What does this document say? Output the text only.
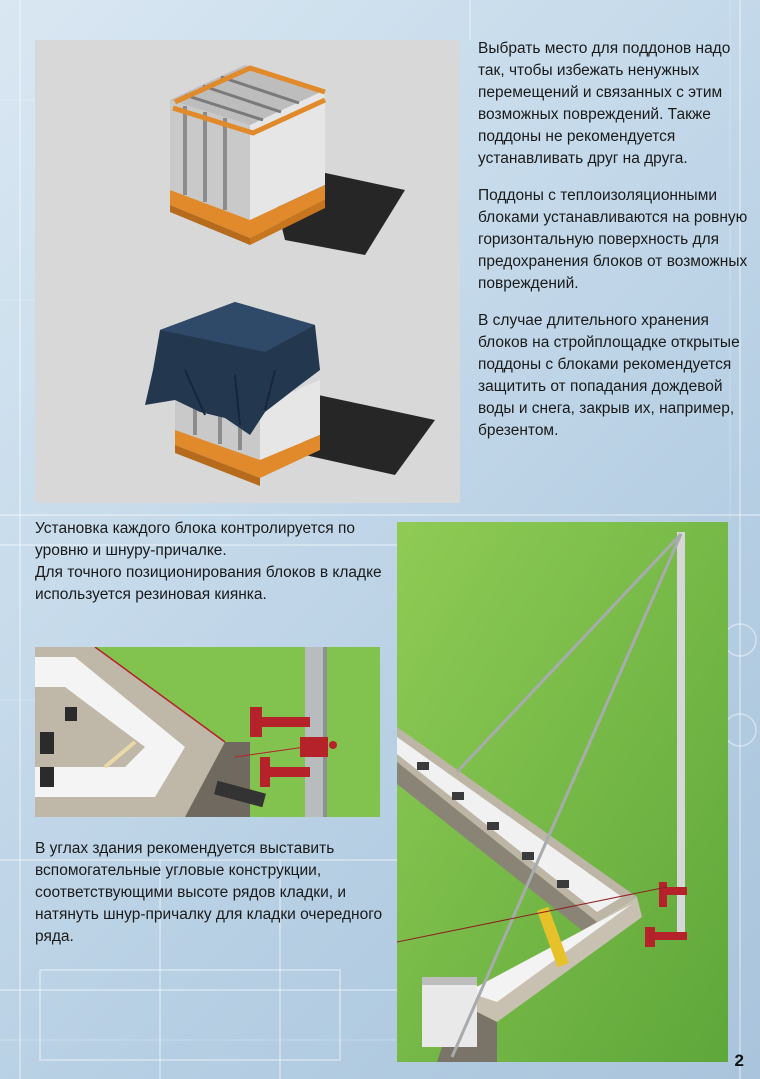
Выбрать место для поддонов надо так, чтобы избежать ненужных перемещений и связанных с этим возможных повреждений. Также поддоны не рекомендуется устанавливать друг на друга.

Поддоны с теплоизоляционными блоками устанавливаются на ровную горизонтальную поверхность для предохранения блоков от возможных повреждений.

В случае длительного хранения блоков на стройплощадке открытые поддоны с блоками рекомендуется защитить от попадания дождевой воды и снега, закрыв их, например, брезентом.

Установка каждого блока контролируется по уровню и шнуру-причалке.
Для точного позиционирования блоков в кладке используется резиновая киянка.
В углах здания рекомендуется выставить вспомогательные угловые конструкции, соответствующими высоте рядов кладки, и натянуть шнур-причалку для кладки очередного ряда.
2
